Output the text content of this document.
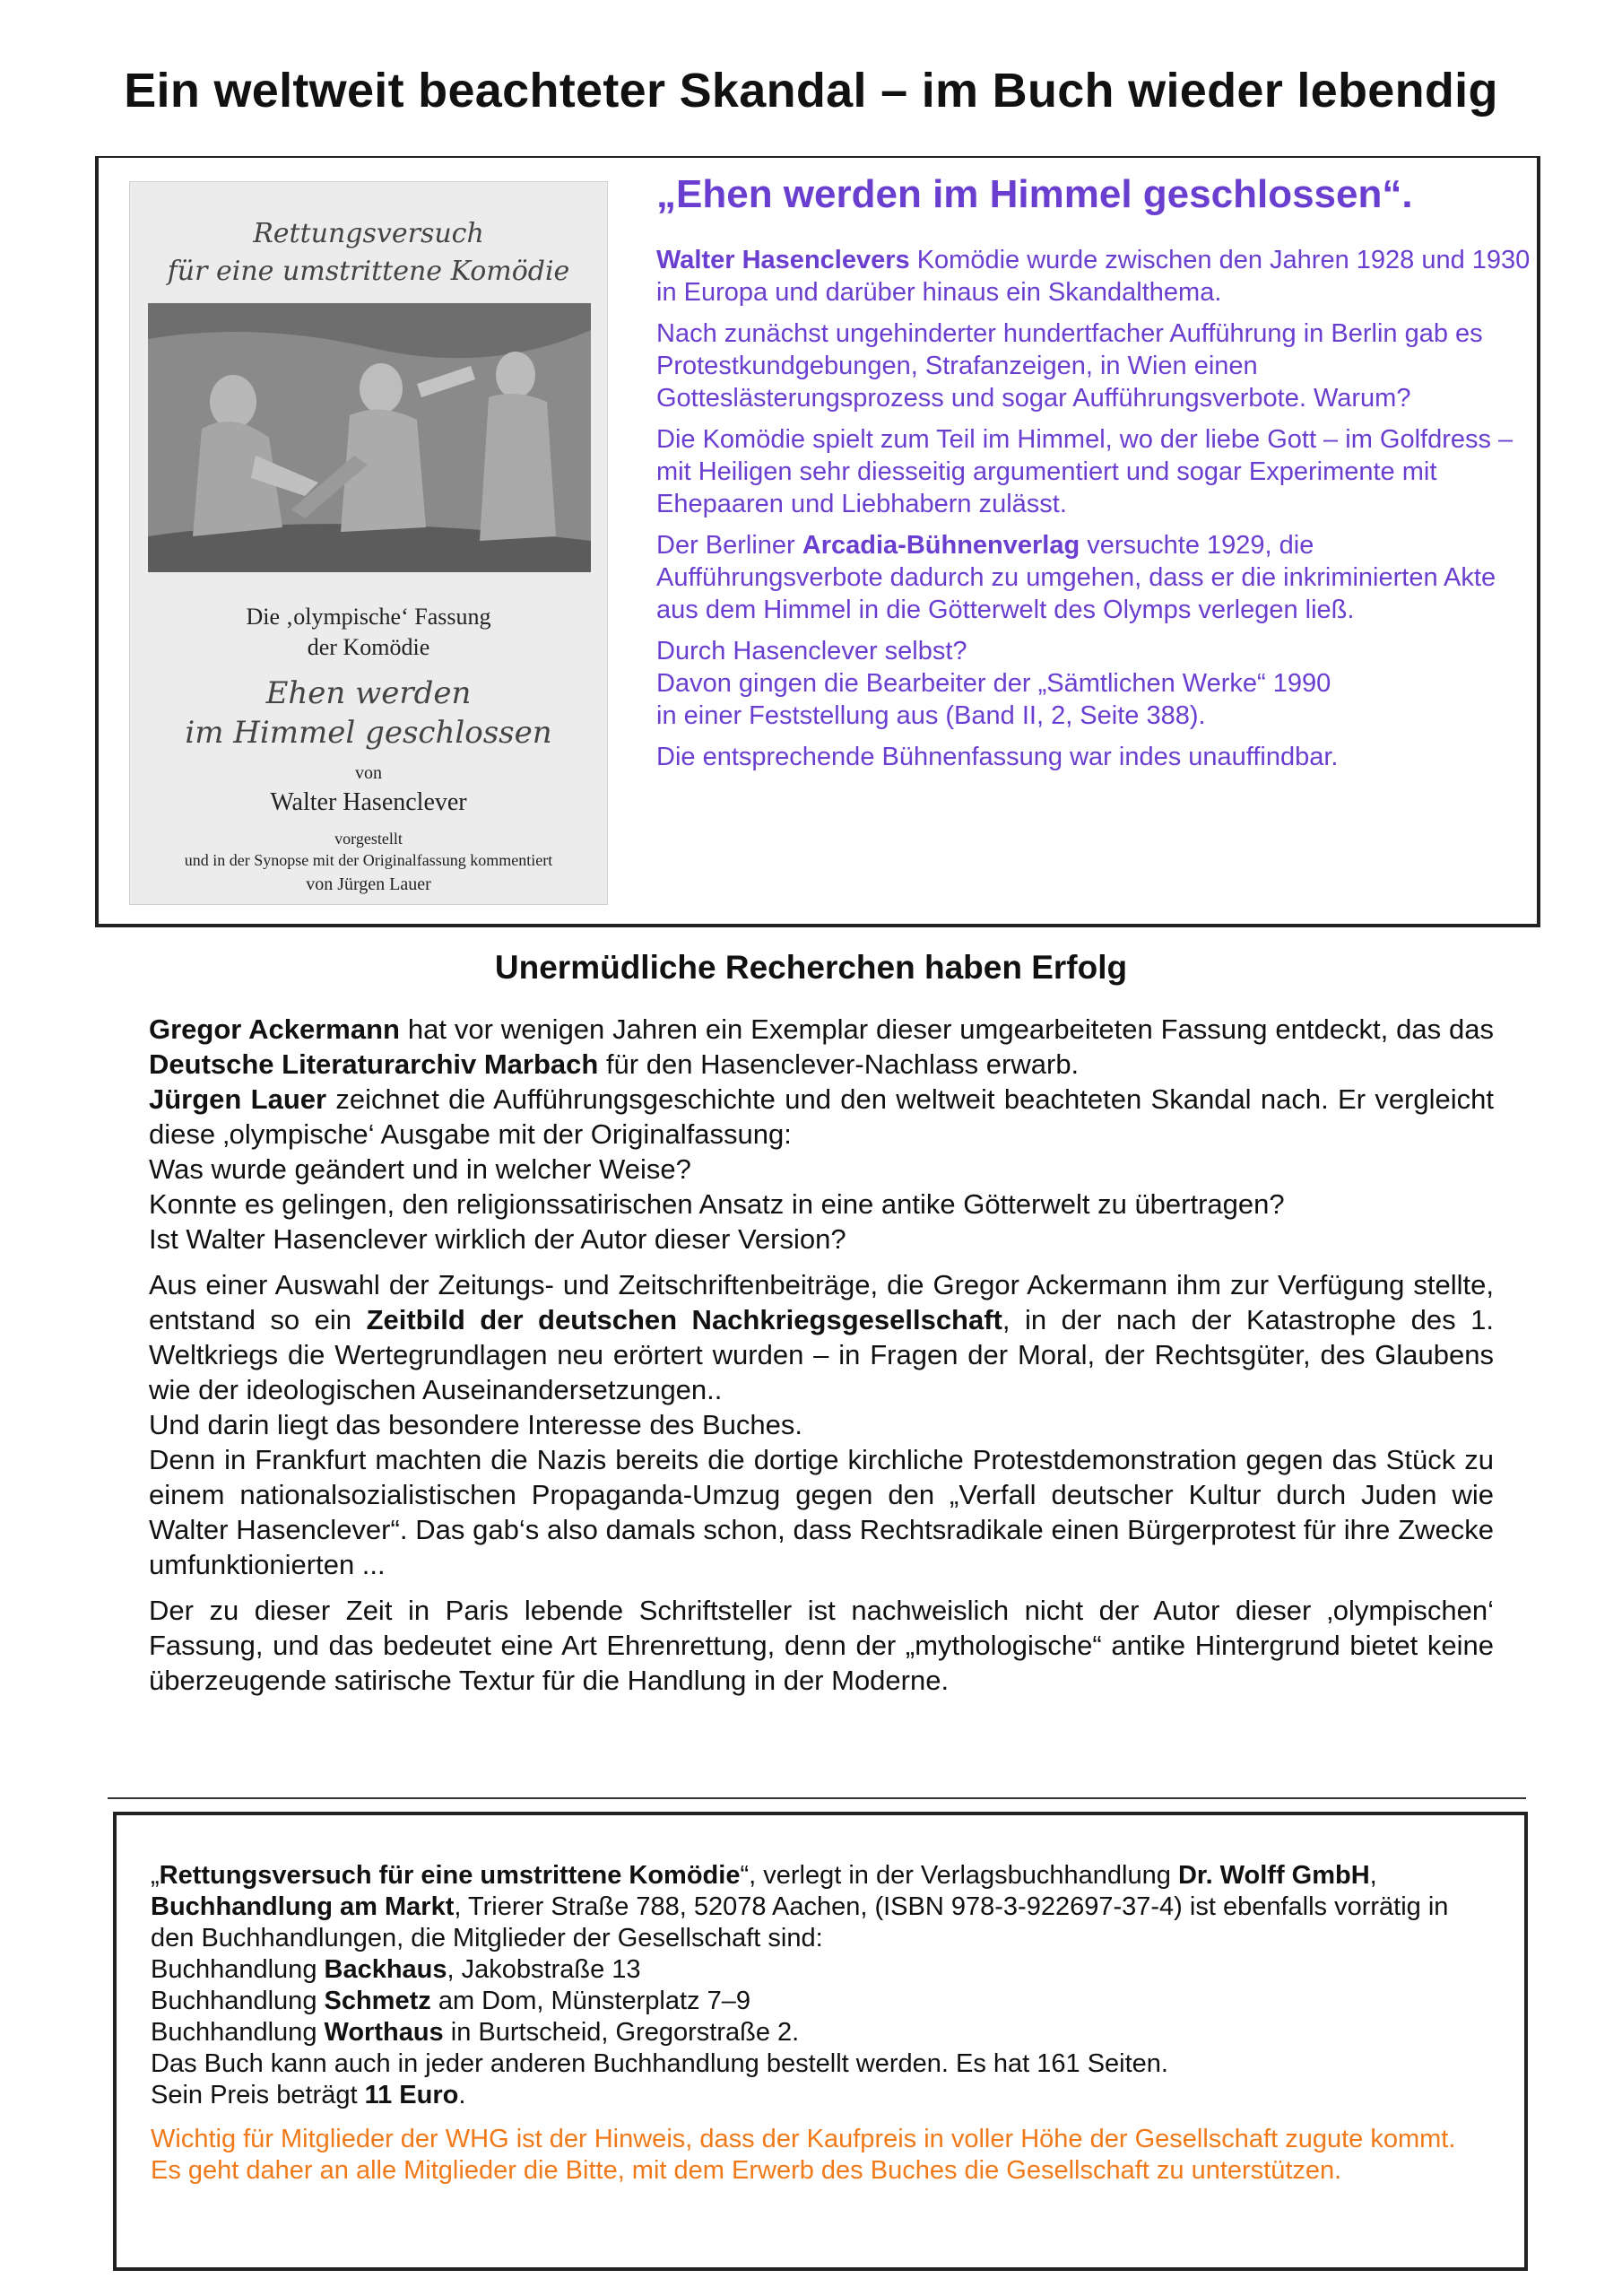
Ein weltweit beachteter Skandal – im Buch wieder lebendig
Rettungsversuch
für eine umstrittene Komödie
Die ‚olympische‘ Fassung
der Komödie
Ehen werden
im Himmel geschlossen
von
Walter Hasenclever
vorgestellt
und in der Synopse mit der Originalfassung kommentiert
von Jürgen Lauer
„Ehen werden im Himmel geschlossen“.

Walter Hasenclevers Komödie wurde zwischen den Jahren 1928 und 1930 in Europa und darüber hinaus ein Skandalthema.

Nach zunächst ungehinderter hundertfacher Aufführung in Berlin gab es Protestkundgebungen, Strafanzeigen, in Wien einen Gotteslästerungsprozess und sogar Aufführungsverbote. Warum?

Die Komödie spielt zum Teil im Himmel, wo der liebe Gott – im Golfdress – mit Heiligen sehr diesseitig argumentiert und sogar Experimente mit Ehepaaren und Liebhabern zulässt.

Der Berliner Arcadia-Bühnenverlag versuchte 1929, die Aufführungsverbote dadurch zu umgehen, dass er die inkriminierten Akte aus dem Himmel in die Götterwelt des Olymps verlegen ließ.

Durch Hasenclever selbst?
Davon gingen die Bearbeiter der „Sämtlichen Werke“ 1990
in einer Feststellung aus (Band II, 2, Seite 388).

Die entsprechende Bühnenfassung war indes unauffindbar.

Unermüdliche Recherchen haben Erfolg

Gregor Ackermann hat vor wenigen Jahren ein Exemplar dieser umgearbeiteten Fassung entdeckt, das das Deutsche Literaturarchiv Marbach für den Hasenclever-Nachlass erwarb.

Jürgen Lauer zeichnet die Aufführungsgeschichte und den weltweit beachteten Skandal nach. Er vergleicht diese ‚olympische‘ Ausgabe mit der Originalfassung:

Was wurde geändert und in welcher Weise?

Konnte es gelingen, den religionssatirischen Ansatz in eine antike Götterwelt zu übertragen?

Ist Walter Hasenclever wirklich der Autor dieser Version?

Aus einer Auswahl der Zeitungs- und Zeitschriftenbeiträge, die Gregor Ackermann ihm zur Verfügung stellte, entstand so ein Zeitbild der deutschen Nachkriegsgesellschaft, in der nach der Katastrophe des 1. Weltkriegs die Wertegrundlagen neu erörtert wurden – in Fragen der Moral, der Rechtsgüter, des Glaubens wie der ideologischen Auseinandersetzungen..

Und darin liegt das besondere Interesse des Buches.

Denn in Frankfurt machten die Nazis bereits die dortige kirchliche Protestdemonstration gegen das Stück zu einem nationalsozialistischen Propaganda-Umzug gegen den „Verfall deutscher Kultur durch Juden wie Walter Hasenclever“. Das gab‘s also damals schon, dass Rechtsradikale einen Bürgerprotest für ihre Zwecke umfunktionierten ...

Der zu dieser Zeit in Paris lebende Schriftsteller ist nachweislich nicht der Autor dieser ‚olympischen‘ Fassung, und das bedeutet eine Art Ehrenrettung, denn der „mythologische“ antike Hintergrund bietet keine überzeugende satirische Textur für die Handlung in der Moderne.

„Rettungsversuch für eine umstrittene Komödie“, verlegt in der Verlagsbuchhandlung Dr. Wolff GmbH, Buchhandlung am Markt, Trierer Straße 788, 52078 Aachen, (ISBN 978-3-922697-37-4) ist ebenfalls vorrätig in den Buchhandlungen, die Mitglieder der Gesellschaft sind:
Buchhandlung Backhaus, Jakobstraße 13
Buchhandlung Schmetz am Dom, Münsterplatz 7–9
Buchhandlung Worthaus in Burtscheid, Gregorstraße 2.
Das Buch kann auch in jeder anderen Buchhandlung bestellt werden. Es hat 161 Seiten.
Sein Preis beträgt 11 Euro.
Wichtig für Mitglieder der WHG ist der Hinweis, dass der Kaufpreis in voller Höhe der Gesellschaft zugute kommt. Es geht daher an alle Mitglieder die Bitte, mit dem Erwerb des Buches die Gesellschaft zu unterstützen.
